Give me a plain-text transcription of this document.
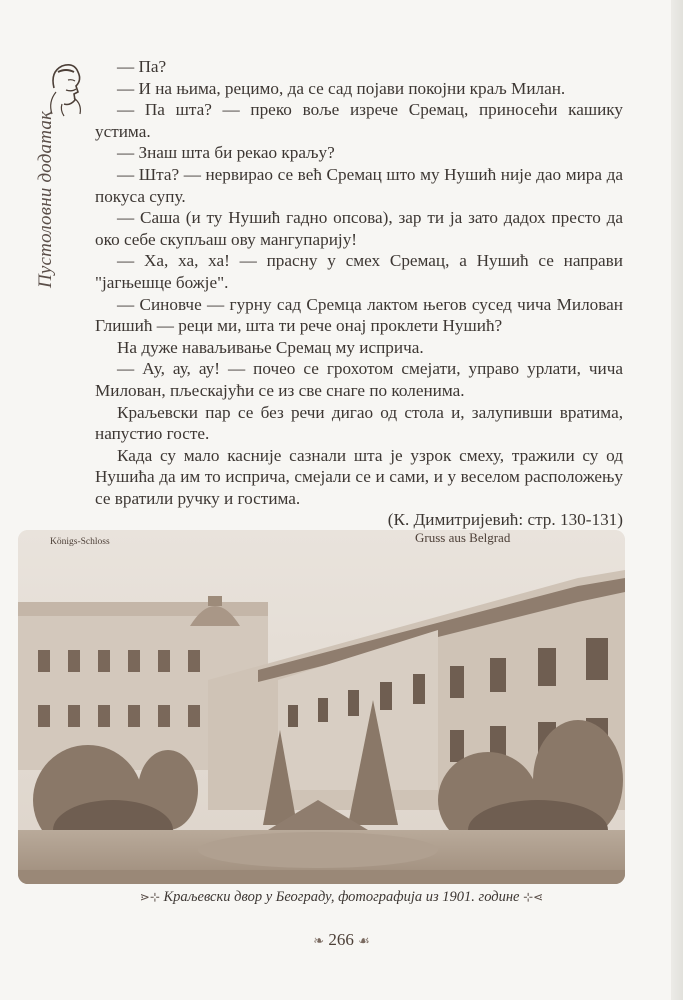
Пустоловни додатак

— Па?

— И на њима, рецимо, да се сад појави покојни краљ Милан.

— Па шта? — преко воље изрече Сремац, приносећи кашику устима.

— Знаш шта би рекао краљу?

— Шта? — нервирао се већ Сремац што му Нушић није дао мира да покуса супу.

— Саша (и ту Нушић гадно опсова), зар ти ја зато дадох престо да око себе скупљаш ову мангупарију!

— Ха, ха, ха! — прасну у смех Сремац, а Нушић се направи "јагњешце божје".

— Синовче — гурну сад Сремца лактом његов сусед чича Милован Глишић — реци ми, шта ти рече онај проклети Нушић?

На дуже наваљивање Сремац му исприча.

— Ау, ау, ау! — почео се грохотом смејати, управо урлати, чича Милован, пљескајући се из све снаге по коленима.

Краљевски пар се без речи дигао од стола и, залупивши вратима, напустио госте.

Када су мало касније сазнали шта је узрок смеху, тражили су од Нушића да им то исприча, смејали се и сами, и у веселом расположењу се вратили ручку и гостима.

(К. Димитријевић: стр. 130-131)

Königs-Schloss	Gruss aus Belgrad
⋗⊹ Краљевски двор у Београду, фотографија из 1901. године ⊹⋖
❧ 266 ☙
